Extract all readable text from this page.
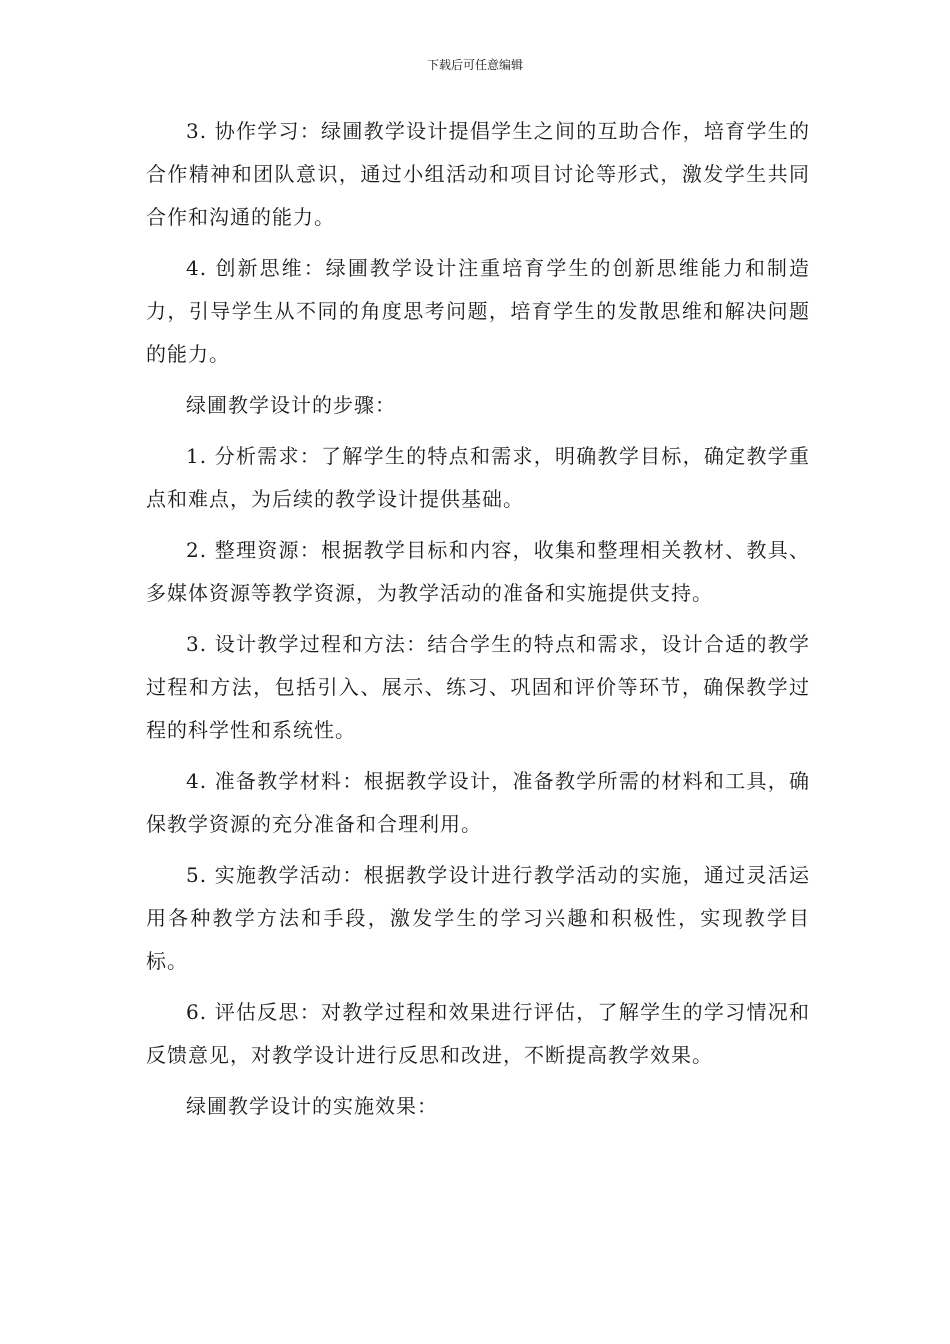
下载后可任意编辑

3. 协作学习：绿圃教学设计提倡学生之间的互助合作，培育学生的合作精神和团队意识，通过小组活动和项目讨论等形式，激发学生共同合作和沟通的能力。

4. 创新思维：绿圃教学设计注重培育学生的创新思维能力和制造力，引导学生从不同的角度思考问题，培育学生的发散思维和解决问题的能力。

绿圃教学设计的步骤：

1. 分析需求：了解学生的特点和需求，明确教学目标，确定教学重点和难点，为后续的教学设计提供基础。

2. 整理资源：根据教学目标和内容，收集和整理相关教材、教具、多媒体资源等教学资源，为教学活动的准备和实施提供支持。

3. 设计教学过程和方法：结合学生的特点和需求，设计合适的教学过程和方法，包括引入、展示、练习、巩固和评价等环节，确保教学过程的科学性和系统性。

4. 准备教学材料：根据教学设计，准备教学所需的材料和工具，确保教学资源的充分准备和合理利用。

5. 实施教学活动：根据教学设计进行教学活动的实施，通过灵活运用各种教学方法和手段，激发学生的学习兴趣和积极性，实现教学目标。

6. 评估反思：对教学过程和效果进行评估，了解学生的学习情况和反馈意见，对教学设计进行反思和改进，不断提高教学效果。

绿圃教学设计的实施效果：
